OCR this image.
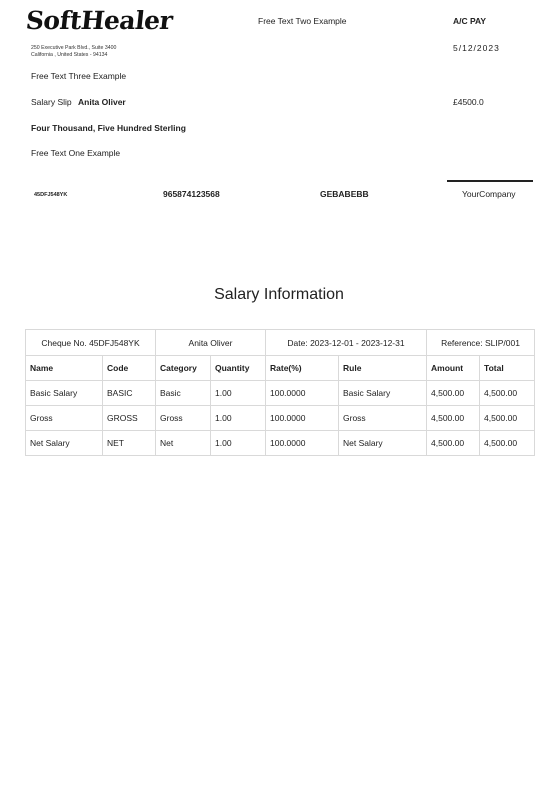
SoftHealer
250 Executive Park Blvd., Suite 3400
California , United States - 94134
Free Text Two Example	A/C PAY
5/12/2023
Free Text Three Example
Salary Slip Anita Oliver	£4500.0
Four Thousand, Five Hundred Sterling
Free Text One Example
45DFJ548YK	965874123568	GEBABEBB	YourCompany
Salary Information
Cheque No. 45DFJ548YK		Anita Oliver		Date: 2023-12-01 - 2023-12-31		Reference: SLIP/001	
Name	Code	Category	Quantity	Rate(%)	Rule	Amount	Total
Basic Salary	BASIC	Basic	1.00	100.0000	Basic Salary	4,500.00	4,500.00
Gross	GROSS	Gross	1.00	100.0000	Gross	4,500.00	4,500.00
Net Salary	NET	Net	1.00	100.0000	Net Salary	4,500.00	4,500.00
